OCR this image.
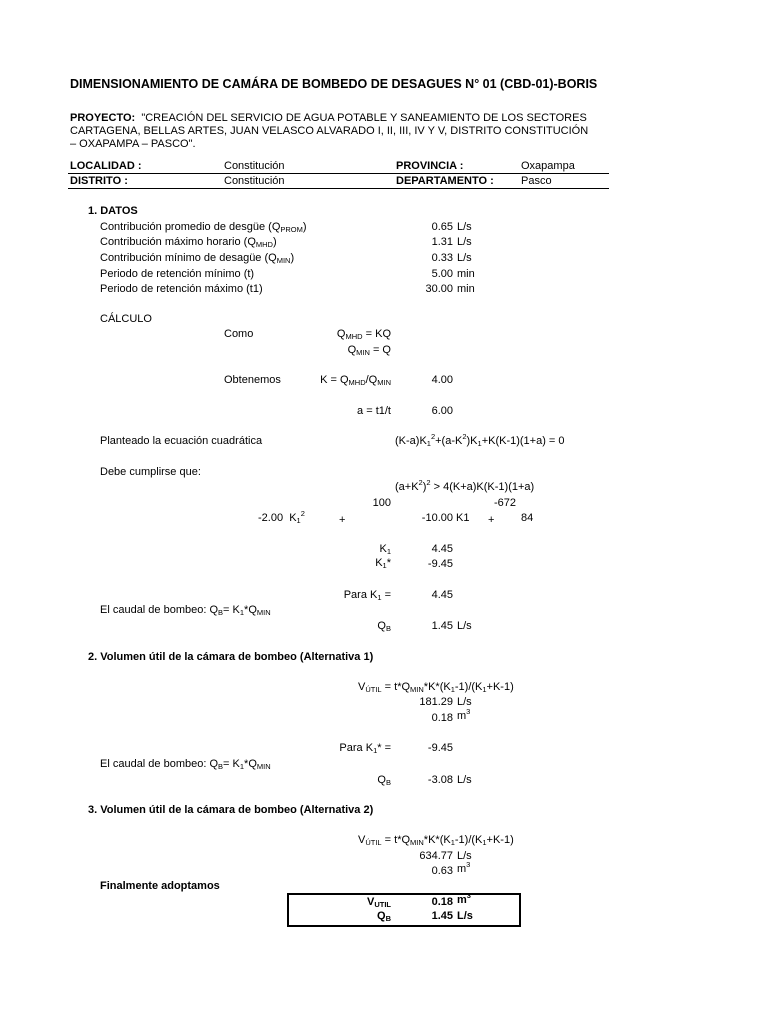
DIMENSIONAMIENTO DE CAMÁRA DE BOMBEDO DE DESAGUES N° 01 (CBD-01)-BORIS
PROYECTO: "CREACIÓN DEL SERVICIO DE AGUA POTABLE Y SANEAMIENTO DE LOS SECTORES
CARTAGENA, BELLAS ARTES, JUAN VELASCO ALVARADO I, II, III, IV Y V, DISTRITO CONSTITUCIÓN
– OXAPAMPA – PASCO".
LOCALIDAD :	Constitución	PROVINCIA :	Oxapampa
DISTRITO :	Constitución	DEPARTAMENTO : Pasco
1. DATOS
Contribución promedio de desgüe $(Q_{PROM})$	0.65 L/s
Contribución máximo horario $(Q_{MHD})$	1.31 L/s
Contribución mínimo de desagüe $(Q_{MIN})$	0.33 L/s
Periodo de retención mínimo (t)	5.00 min
Periodo de retención máximo (t1)	30.00 min
CÁLCULO
Como	$Q_{MHD}$ = KQ
$Q_{MIN} = Q$
Obtenemos	$K = Q_{MHD}/Q_{MIN}$	4.00
a = t1/t	6.00
Planteado la ecuación cuadrática	$(K-a)K_1^2+(a-K^2)K_1+K(K-1)(1+a) = 0$
Debe cumplirse que:
$(a+K^2)^2 > 4(K+a)K(K-1)(1+a)$
100	-672
-2.00  $K_1^2$
+	-10.00 K1 + 84
$K_1$	4.45
$K_1*$	-9.45
Para $K_1$ =	4.45
El caudal de bombeo: $Q_B= K_1*Q_{MIN}$
$Q_B$	1.45 L/s
2. Volumen útil de la cámara de bombeo (Alternativa 1)
$V_{ÚTIL} = t*Q_{MIN}*K*(K_1-1)/(K_1+K-1)$
181.29 L/s
0.18 $m^3$
Para $K_1*$ =	-9.45
El caudal de bombeo: $Q_B= K_1*Q_{MIN}$
$Q_B$	-3.08 L/s
3. Volumen útil de la cámara de bombeo (Alternativa 2)
$V_{ÚTIL} = t*Q_{MIN}*K*(K_1-1)/(K_1+K-1)$
634.77 L/s
0.63 $m^3$
Finalmente adoptamos
$V_{UTIL}$	0.18 $m^3$
$Q_B$	1.45 L/s
